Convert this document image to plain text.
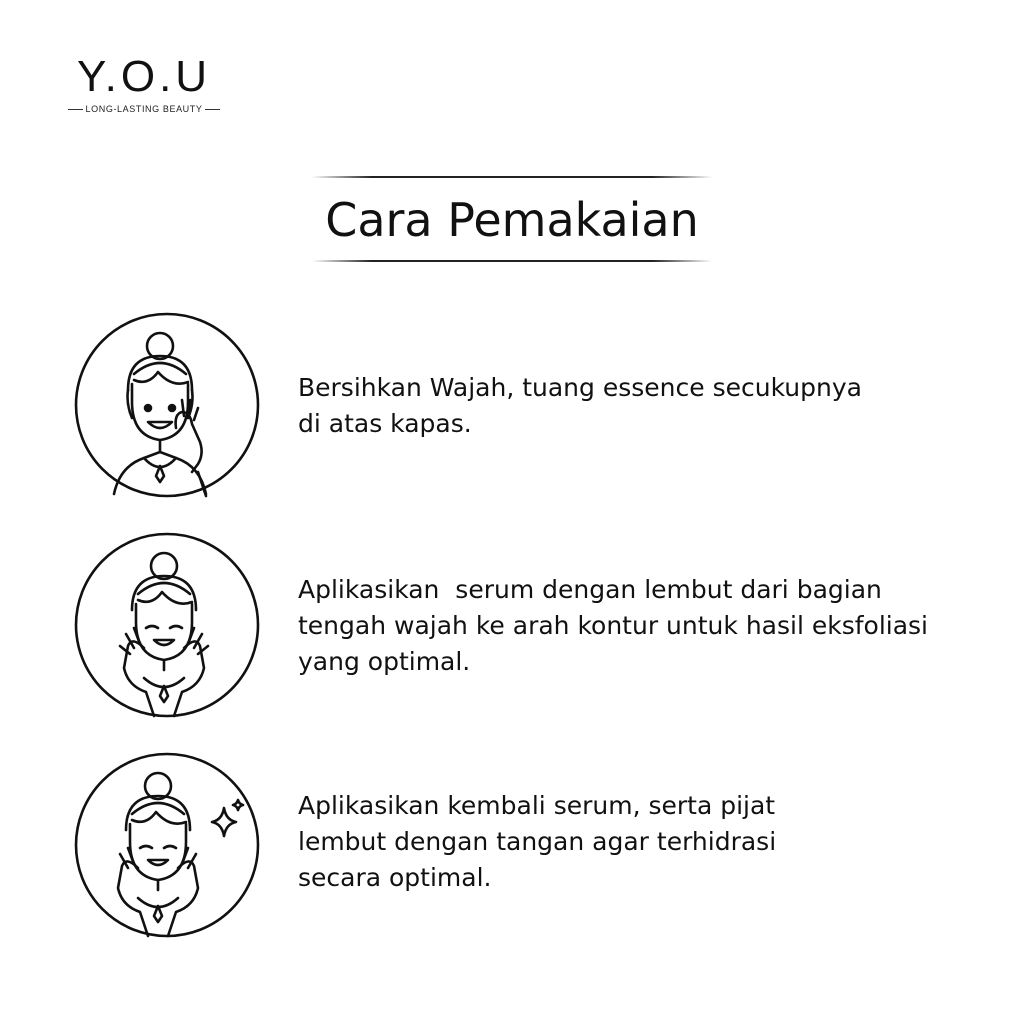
Y.O.U
LONG-LASTING BEAUTY
Cara Pemakaian

Bersihkan Wajah, tuang essence secukupnya
di atas kapas.

Aplikasikan  serum dengan lembut dari bagian
tengah wajah ke arah kontur untuk hasil eksfoliasi
yang optimal.

Aplikasikan kembali serum, serta pijat
lembut dengan tangan agar terhidrasi
secara optimal.
